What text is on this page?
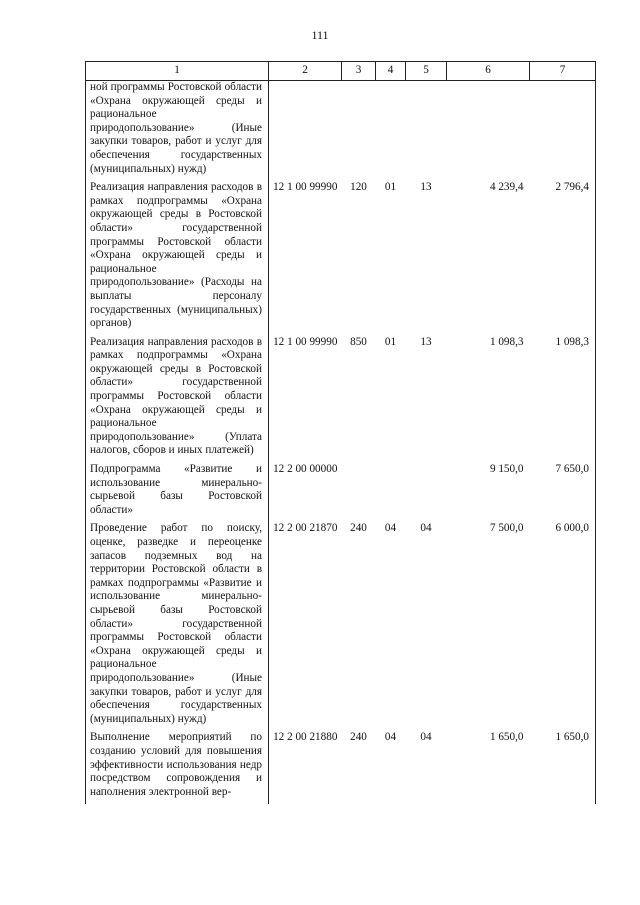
111
1	2	3	4	5	6	7
ной программы Ростовской области «Охрана окружающей среды и рациональное природопользование» (Иные закупки товаров, работ и услуг для обеспечения государственных (муниципальных) нужд)						
Реализация направления расходов в рамках подпрограммы «Охрана окружающей среды в Ростовской области» государственной программы Ростовской области «Охрана окружающей среды и рациональное природопользование» (Расходы на выплаты персоналу государственных (муниципальных) органов)	12 1 00 99990	120	01	13	4 239,4	2 796,4
Реализация направления расходов в рамках подпрограммы «Охрана окружающей среды в Ростовской области» государственной программы Ростовской области «Охрана окружающей среды и рациональное природопользование» (Уплата налогов, сборов и иных платежей)	12 1 00 99990	850	01	13	1 098,3	1 098,3
Подпрограмма «Развитие и использование минерально-сырьевой базы Ростовской области»	12 2 00 00000				9 150,0	7 650,0
Проведение работ по поиску, оценке, разведке и переоценке запасов подземных вод на территории Ростовской области в рамках подпрограммы «Развитие и использование минерально-сырьевой базы Ростовской области» государственной программы Ростовской области «Охрана окружающей среды и рациональное природопользование» (Иные закупки товаров, работ и услуг для обеспечения государственных (муниципальных) нужд)	12 2 00 21870	240	04	04	7 500,0	6 000,0
Выполнение мероприятий по созданию условий для повышения эффективности использования недр посредством сопровождения и наполнения электронной вер-	12 2 00 21880	240	04	04	1 650,0	1 650,0
